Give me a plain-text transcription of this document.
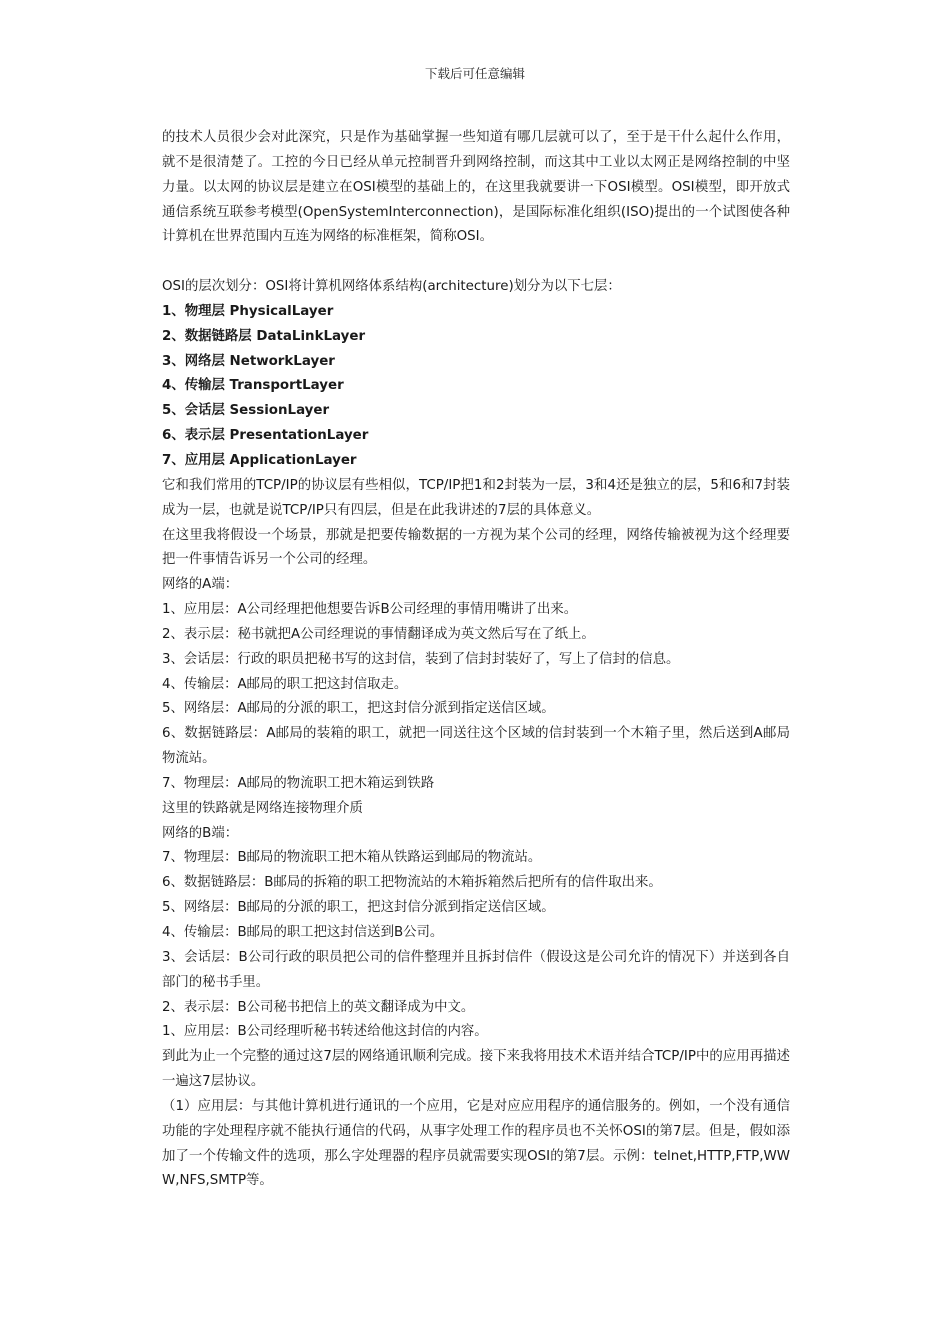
下载后可任意编辑

的技术人员很少会对此深究，只是作为基础掌握一些知道有哪几层就可以了，至于是干什么起什么作用，就不是很清楚了。工控的今日已经从单元控制晋升到网络控制，而这其中工业以太网正是网络控制的中坚力量。以太网的协议层是建立在OSI模型的基础上的，在这里我就要讲一下OSI模型。OSI模型，即开放式通信系统互联参考模型(OpenSystemInterconnection)，是国际标准化组织(ISO)提出的一个试图使各种计算机在世界范围内互连为网络的标准框架，简称OSI。

OSI的层次划分：OSI将计算机网络体系结构(architecture)划分为以下七层：

1、物理层 PhysicalLayer

2、数据链路层 DataLinkLayer

3、网络层 NetworkLayer

4、传输层 TransportLayer

5、会话层 SessionLayer

6、表示层 PresentationLayer

7、应用层 ApplicationLayer

它和我们常用的TCP/IP的协议层有些相似，TCP/IP把1和2封装为一层，3和4还是独立的层，5和6和7封装成为一层，也就是说TCP/IP只有四层，但是在此我讲述的7层的具体意义。

在这里我将假设一个场景，那就是把要传输数据的一方视为某个公司的经理，网络传输被视为这个经理要把一件事情告诉另一个公司的经理。

网络的A端：

1、应用层：A公司经理把他想要告诉B公司经理的事情用嘴讲了出来。

2、表示层：秘书就把A公司经理说的事情翻译成为英文然后写在了纸上。

3、会话层：行政的职员把秘书写的这封信，装到了信封封装好了，写上了信封的信息。

4、传输层：A邮局的职工把这封信取走。

5、网络层：A邮局的分派的职工，把这封信分派到指定送信区域。

6、数据链路层：A邮局的装箱的职工，就把一同送往这个区域的信封装到一个木箱子里，然后送到A邮局物流站。

7、物理层：A邮局的物流职工把木箱运到铁路

这里的铁路就是网络连接物理介质

网络的B端：

7、物理层：B邮局的物流职工把木箱从铁路运到邮局的物流站。

6、数据链路层：B邮局的拆箱的职工把物流站的木箱拆箱然后把所有的信件取出来。

5、网络层：B邮局的分派的职工，把这封信分派到指定送信区域。

4、传输层：B邮局的职工把这封信送到B公司。

3、会话层：B公司行政的职员把公司的信件整理并且拆封信件（假设这是公司允许的情况下）并送到各自部门的秘书手里。

2、表示层：B公司秘书把信上的英文翻译成为中文。

1、应用层：B公司经理听秘书转述给他这封信的内容。

到此为止一个完整的通过这7层的网络通讯顺利完成。接下来我将用技术术语并结合TCP/IP中的应用再描述一遍这7层协议。

（1）应用层：与其他计算机进行通讯的一个应用，它是对应应用程序的通信服务的。例如，一个没有通信功能的字处理程序就不能执行通信的代码，从事字处理工作的程序员也不关怀OSI的第7层。但是，假如添加了一个传输文件的选项，那么字处理器的程序员就需要实现OSI的第7层。示例：telnet,HTTP,FTP,WWW,NFS,SMTP等。
